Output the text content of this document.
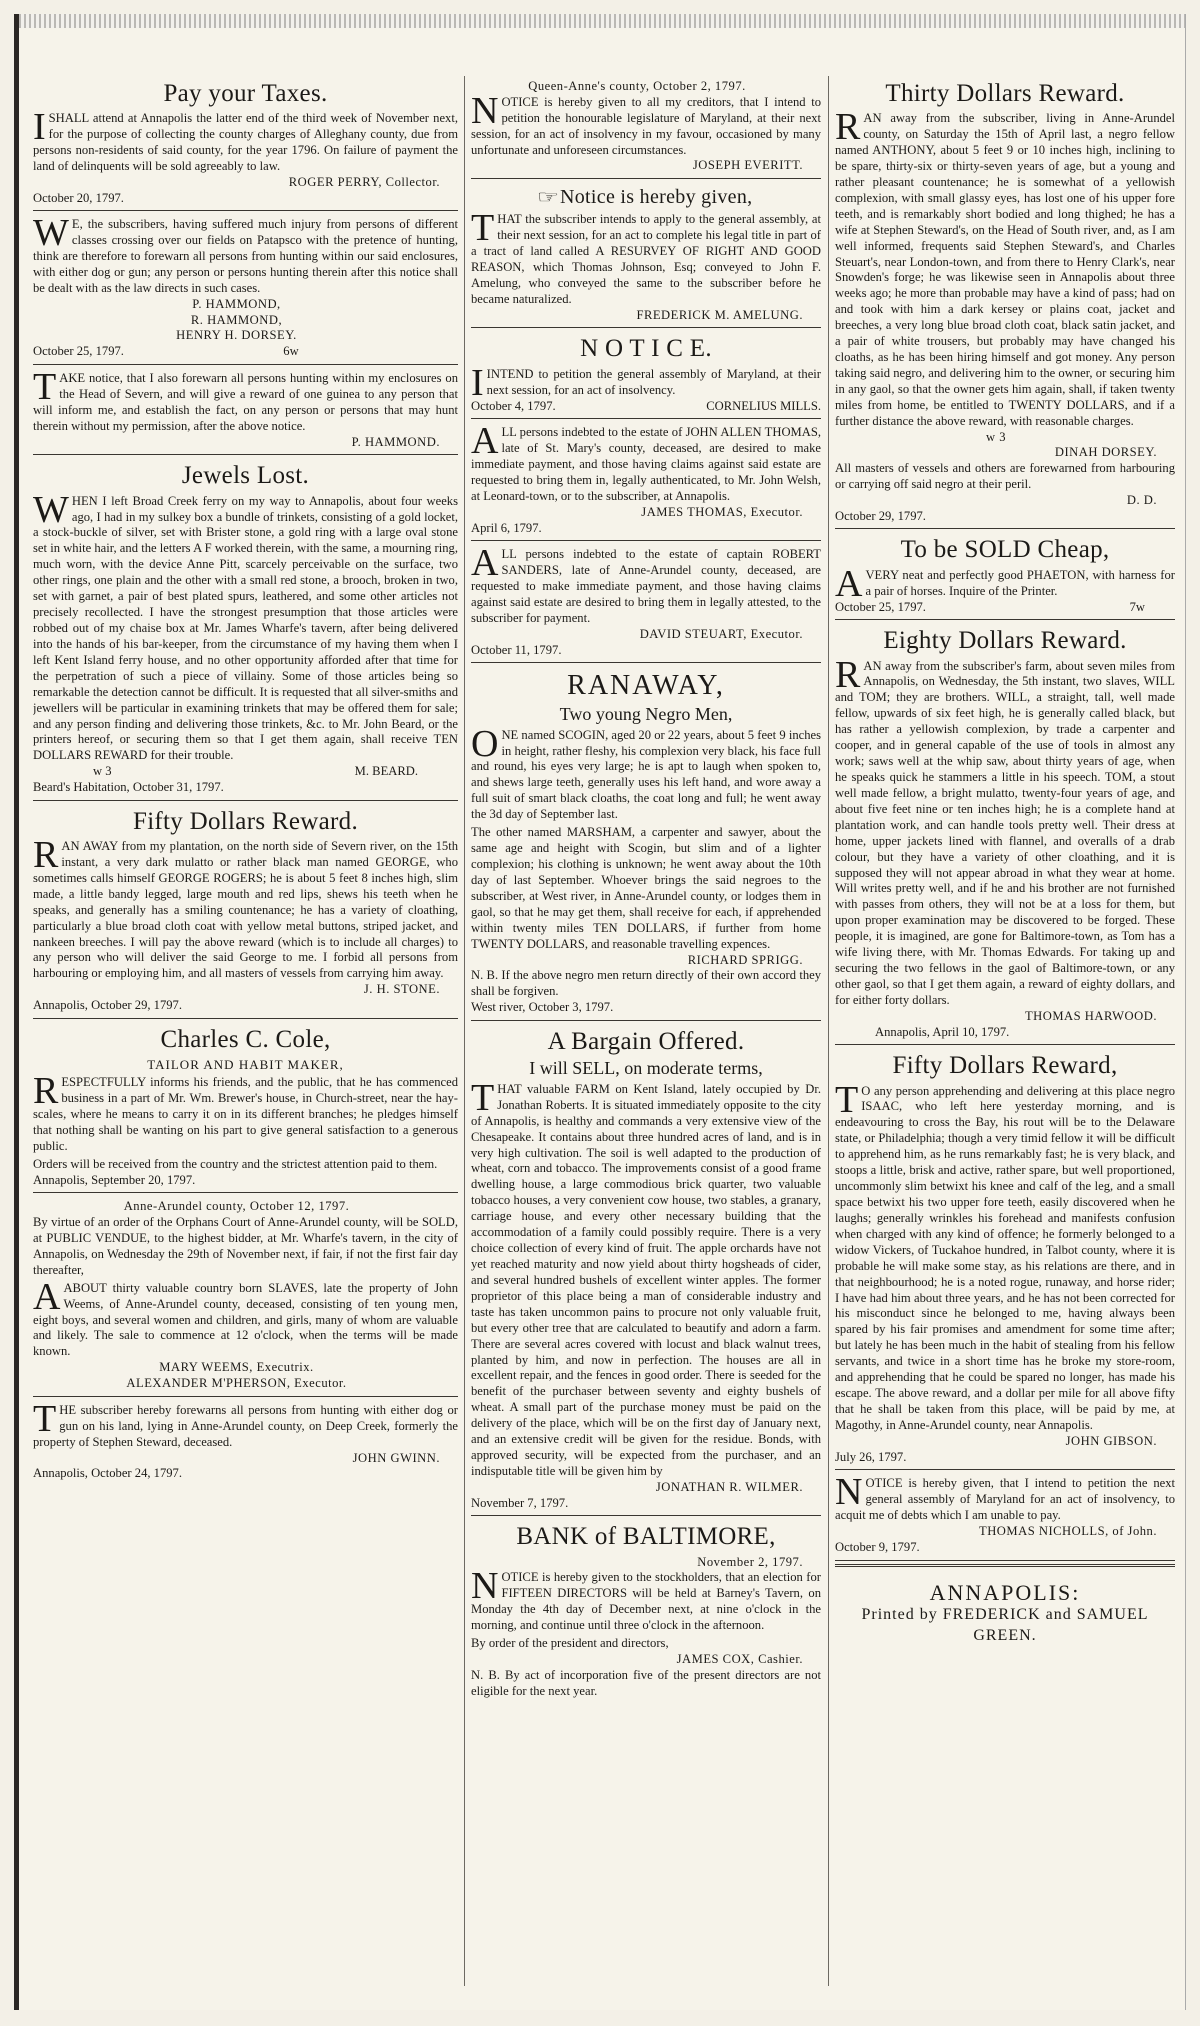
Pay your Taxes.

ISHALL attend at Annapolis the latter end of the third week of November next, for the purpose of collecting the county charges of Alleghany county, due from persons non-residents of said county, for the year 1796. On failure of payment the land of delinquents will be sold agreeably to law.

ROGER PERRY, Collector.
October 20, 1797.

W E, the subscribers, having suffered much injury from persons of different classes crossing over our fields on Patapsco with the pretence of hunting, think are therefore to forewarn all persons from hunting within our said enclosures, with either dog or gun; any person or persons hunting therein after this notice shall be dealt with as the law directs in such cases.

P. HAMMOND,
R. HAMMOND,
HENRY H. DORSEY.
October 25, 1797.	6w

TAKE notice, that I also forewarn all persons hunting within my enclosures on the Head of Severn, and will give a reward of one guinea to any person that will inform me, and establish the fact, on any person or persons that may hunt therein without my permission, after the above notice.

P. HAMMOND.
Jewels Lost.

WHEN I left Broad Creek ferry on my way to Annapolis, about four weeks ago, I had in my sulkey box a bundle of trinkets, consisting of a gold locket, a stock-buckle of silver, set with Brister stone, a gold ring with a large oval stone set in white hair, and the letters A F worked therein, with the same, a mourning ring, much worn, with the device Anne Pitt, scarcely perceivable on the surface, two other rings, one plain and the other with a small red stone, a brooch, broken in two, set with garnet, a pair of best plated spurs, leathered, and some other articles not precisely recollected. I have the strongest presumption that those articles were robbed out of my chaise box at Mr. James Wharfe's tavern, after being delivered into the hands of his bar-keeper, from the circumstance of my having them when I left Kent Island ferry house, and no other opportunity afforded after that time for the perpetration of such a piece of villainy. Some of those articles being so remarkable the detection cannot be difficult. It is requested that all silver-smiths and jewellers will be particular in examining trinkets that may be offered them for sale; and any person finding and delivering those trinkets, &c. to Mr. John Beard, or the printers hereof, or securing them so that I get them again, shall receive TEN DOLLARS REWARD for their trouble.

w 3	M. BEARD.
Beard's Habitation, October 31, 1797.
Fifty Dollars Reward.

RAN AWAY from my plantation, on the north side of Severn river, on the 15th instant, a very dark mulatto or rather black man named GEORGE, who sometimes calls himself GEORGE ROGERS; he is about 5 feet 8 inches high, slim made, a little bandy legged, large mouth and red lips, shews his teeth when he speaks, and generally has a smiling countenance; he has a variety of cloathing, particularly a blue broad cloth coat with yellow metal buttons, striped jacket, and nankeen breeches. I will pay the above reward (which is to include all charges) to any person who will deliver the said George to me. I forbid all persons from harbouring or employing him, and all masters of vessels from carrying him away.

J. H. STONE.
Annapolis, October 29, 1797.
Charles C. Cole,
TAILOR AND HABIT MAKER,

RESPECTFULLY informs his friends, and the public, that he has commenced business in a part of Mr. Wm. Brewer's house, in Church-street, near the hay-scales, where he means to carry it on in its different branches; he pledges himself that nothing shall be wanting on his part to give general satisfaction to a generous public.

Orders will be received from the country and the strictest attention paid to them.

Annapolis, September 20, 1797.
Anne-Arundel county, October 12, 1797.

By virtue of an order of the Orphans Court of Anne-Arundel county, will be SOLD, at PUBLIC VENDUE, to the highest bidder, at Mr. Wharfe's tavern, in the city of Annapolis, on Wednesday the 29th of November next, if fair, if not the first fair day thereafter,

AABOUT thirty valuable country born SLAVES, late the property of John Weems, of Anne-Arundel county, deceased, consisting of ten young men, eight boys, and several women and children, and girls, many of whom are valuable and likely. The sale to commence at 12 o'clock, when the terms will be made known.

MARY WEEMS, Executrix.
ALEXANDER M'PHERSON, Executor.

THE subscriber hereby forewarns all persons from hunting with either dog or gun on his land, lying in Anne-Arundel county, on Deep Creek, formerly the property of Stephen Steward, deceased.

JOHN GWINN.
Annapolis, October 24, 1797.
Queen-Anne's county, October 2, 1797.

NOTICE is hereby given to all my creditors, that I intend to petition the honourable legislature of Maryland, at their next session, for an act of insolvency in my favour, occasioned by many unfortunate and unforeseen circumstances.

JOSEPH EVERITT.
☞Notice is hereby given,

THAT the subscriber intends to apply to the general assembly, at their next session, for an act to complete his legal title in part of a tract of land called A RESURVEY OF RIGHT AND GOOD REASON, which Thomas Johnson, Esq; conveyed to John F. Amelung, who conveyed the same to the subscriber before he became naturalized.

FREDERICK M. AMELUNG.
N O T I C E.

IINTEND to petition the general assembly of Maryland, at their next session, for an act of insolvency.

October 4, 1797.	CORNELIUS MILLS.

ALL persons indebted to the estate of JOHN ALLEN THOMAS, late of St. Mary's county, deceased, are desired to make immediate payment, and those having claims against said estate are requested to bring them in, legally authenticated, to Mr. John Welsh, at Leonard-town, or to the subscriber, at Annapolis.

JAMES THOMAS, Executor.
April 6, 1797.

ALL persons indebted to the estate of captain ROBERT SANDERS, late of Anne-Arundel county, deceased, are requested to make immediate payment, and those having claims against said estate are desired to bring them in legally attested, to the subscriber for payment.

DAVID STEUART, Executor.
October 11, 1797.
RANAWAY,
Two young Negro Men,

ONE named SCOGIN, aged 20 or 22 years, about 5 feet 9 inches in height, rather fleshy, his complexion very black, his face full and round, his eyes very large; he is apt to laugh when spoken to, and shews large teeth, generally uses his left hand, and wore away a full suit of smart black cloaths, the coat long and full; he went away the 3d day of September last.

The other named MARSHAM, a carpenter and sawyer, about the same age and height with Scogin, but slim and of a lighter complexion; his clothing is unknown; he went away about the 10th day of last September. Whoever brings the said negroes to the subscriber, at West river, in Anne-Arundel county, or lodges them in gaol, so that he may get them, shall receive for each, if apprehended within twenty miles TEN DOLLARS, if further from home TWENTY DOLLARS, and reasonable travelling expences.

RICHARD SPRIGG.

N. B. If the above negro men return directly of their own accord they shall be forgiven.

West river, October 3, 1797.
A Bargain Offered.
I will SELL, on moderate terms,

THAT valuable FARM on Kent Island, lately occupied by Dr. Jonathan Roberts. It is situated immediately opposite to the city of Annapolis, is healthy and commands a very extensive view of the Chesapeake. It contains about three hundred acres of land, and is in very high cultivation. The soil is well adapted to the production of wheat, corn and tobacco. The improvements consist of a good frame dwelling house, a large commodious brick quarter, two valuable tobacco houses, a very convenient cow house, two stables, a granary, carriage house, and every other necessary building that the accommodation of a family could possibly require. There is a very choice collection of every kind of fruit. The apple orchards have not yet reached maturity and now yield about thirty hogsheads of cider, and several hundred bushels of excellent winter apples. The former proprietor of this place being a man of considerable industry and taste has taken uncommon pains to procure not only valuable fruit, but every other tree that are calculated to beautify and adorn a farm. There are several acres covered with locust and black walnut trees, planted by him, and now in perfection. The houses are all in excellent repair, and the fences in good order. There is seeded for the benefit of the purchaser between seventy and eighty bushels of wheat. A small part of the purchase money must be paid on the delivery of the place, which will be on the first day of January next, and an extensive credit will be given for the residue. Bonds, with approved security, will be expected from the purchaser, and an indisputable title will be given him by

JONATHAN R. WILMER.
November 7, 1797.
BANK of BALTIMORE,
November 2, 1797.

NOTICE is hereby given to the stockholders, that an election for FIFTEEN DIRECTORS will be held at Barney's Tavern, on Monday the 4th day of December next, at nine o'clock in the morning, and continue until three o'clock in the afternoon.

By order of the president and directors,

JAMES COX, Cashier.

N. B. By act of incorporation five of the present directors are not eligible for the next year.

Thirty Dollars Reward.

RAN away from the subscriber, living in Anne-Arundel county, on Saturday the 15th of April last, a negro fellow named ANTHONY, about 5 feet 9 or 10 inches high, inclining to be spare, thirty-six or thirty-seven years of age, but a young and rather pleasant countenance; he is somewhat of a yellowish complexion, with small glassy eyes, has lost one of his upper fore teeth, and is remarkably short bodied and long thighed; he has a wife at Stephen Steward's, on the Head of South river, and, as I am well informed, frequents said Stephen Steward's, and Charles Steuart's, near London-town, and from there to Henry Clark's, near Snowden's forge; he was likewise seen in Annapolis about three weeks ago; he more than probable may have a kind of pass; had on and took with him a dark kersey or plains coat, jacket and breeches, a very long blue broad cloth coat, black satin jacket, and a pair of white trousers, but probably may have changed his cloaths, as he has been hiring himself and got money. Any person taking said negro, and delivering him to the owner, or securing him in any gaol, so that the owner gets him again, shall, if taken twenty miles from home, be entitled to TWENTY DOLLARS, and if a further distance the above reward, with reasonable charges.

w 3
DINAH DORSEY.

All masters of vessels and others are forewarned from harbouring or carrying off said negro at their peril.

D. D.
October 29, 1797.
To be SOLD Cheap,

AVERY neat and perfectly good PHAETON, with harness for a pair of horses. Inquire of the Printer.

October 25, 1797.	7w
Eighty Dollars Reward.

RAN away from the subscriber's farm, about seven miles from Annapolis, on Wednesday, the 5th instant, two slaves, WILL and TOM; they are brothers. WILL, a straight, tall, well made fellow, upwards of six feet high, he is generally called black, but has rather a yellowish complexion, by trade a carpenter and cooper, and in general capable of the use of tools in almost any work; saws well at the whip saw, about thirty years of age, when he speaks quick he stammers a little in his speech. TOM, a stout well made fellow, a bright mulatto, twenty-four years of age, and about five feet nine or ten inches high; he is a complete hand at plantation work, and can handle tools pretty well. Their dress at home, upper jackets lined with flannel, and overalls of a drab colour, but they have a variety of other cloathing, and it is supposed they will not appear abroad in what they wear at home. Will writes pretty well, and if he and his brother are not furnished with passes from others, they will not be at a loss for them, but upon proper examination may be discovered to be forged. These people, it is imagined, are gone for Baltimore-town, as Tom has a wife living there, with Mr. Thomas Edwards. For taking up and securing the two fellows in the gaol of Baltimore-town, or any other gaol, so that I get them again, a reward of eighty dollars, and for either forty dollars.

THOMAS HARWOOD.
Annapolis, April 10, 1797.
Fifty Dollars Reward,

T O any person apprehending and delivering at this place negro ISAAC, who left here yesterday morning, and is endeavouring to cross the Bay, his rout will be to the Delaware state, or Philadelphia; though a very timid fellow it will be difficult to apprehend him, as he runs remarkably fast; he is very black, and stoops a little, brisk and active, rather spare, but well proportioned, uncommonly slim betwixt his knee and calf of the leg, and a small space betwixt his two upper fore teeth, easily discovered when he laughs; generally wrinkles his forehead and manifests confusion when charged with any kind of offence; he formerly belonged to a widow Vickers, of Tuckahoe hundred, in Talbot county, where it is probable he will make some stay, as his relations are there, and in that neighbourhood; he is a noted rogue, runaway, and horse rider; I have had him about three years, and he has not been corrected for his misconduct since he belonged to me, having always been spared by his fair promises and amendment for some time after; but lately he has been much in the habit of stealing from his fellow servants, and twice in a short time has he broke my store-room, and apprehending that he could be spared no longer, has made his escape. The above reward, and a dollar per mile for all above fifty that he shall be taken from this place, will be paid by me, at Magothy, in Anne-Arundel county, near Annapolis.

JOHN GIBSON.
July 26, 1797.

NOTICE is hereby given, that I intend to petition the next general assembly of Maryland for an act of insolvency, to acquit me of debts which I am unable to pay.

THOMAS NICHOLLS, of John.
October 9, 1797.
ANNAPOLIS:
Printed by FREDERICK and SAMUEL GREEN.
